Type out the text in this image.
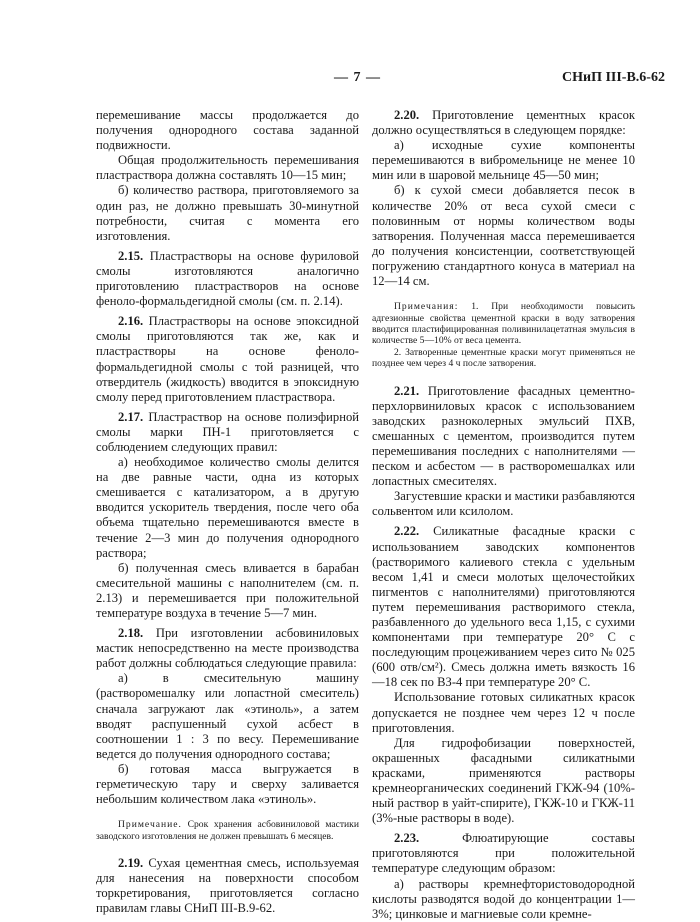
— 7 —	СНиП III-В.6-62

перемешивание массы продолжается до получения однородного состава заданной подвижности.

Общая продолжительность перемешивания пластраствора должна составлять 10—15 мин;

б) количество раствора, приготовляемого за один раз, не должно превышать 30-минутной потребности, считая с момента его изготовления.

2.15. Пластрастворы на основе фуриловой смолы изготовляются аналогично приготовлению пластрастворов на основе феноло-формальдегидной смолы (см. п. 2.14).

2.16. Пластрастворы на основе эпоксидной смолы приготовляются так же, как и пластрастворы на основе феноло-формальдегидной смолы с той разницей, что отвердитель (жидкость) вводится в эпоксидную смолу перед приготовлением пластрастворa.

2.17. Пластраствор на основе полиэфирной смолы марки ПН-1 приготовляется с соблюдением следующих правил:

а) необходимое количество смолы делится на две равные части, одна из которых смешивается с катализатором, а в другую вводится ускоритель твердения, после чего оба объема тщательно перемешиваются вместе в течение 2—3 мин до получения однородного раствора;

б) полученная смесь вливается в барабан смесительной машины с наполнителем (см. п. 2.13) и перемешивается при положительной температуре воздуха в течение 5—7 мин.

2.18. При изготовлении асбовиниловых мастик непосредственно на месте производства работ должны соблюдаться следующие правила:

а) в смесительную машину (растворомешалку или лопастной смеситель) сначала загружают лак «этиноль», а затем вводят распушенный сухой асбест в соотношении 1 : 3 по весу. Перемешивание ведется до получения однородного состава;

б) готовая масса выгружается в герметическую тару и сверху заливается небольшим количеством лака «этиноль».

Примечание. Срок хранения асбовиниловой мастики заводского изготовления не должен превышать 6 месяцев.

2.19. Сухая цементная смесь, используемая для нанесения на поверхности способом торкретирования, приготовляется согласно правилам главы СНиП III-В.9-62.

2.20. Приготовление цементных красок должно осуществляться в следующем порядке:

а) исходные сухие компоненты перемешиваются в вибромельнице не менее 10 мин или в шаровой мельнице 45—50 мин;

б) к сухой смеси добавляется песок в количестве 20% от веса сухой смеси с половинным от нормы количеством воды затворения. Полученная масса перемешивается до получения консистенции, соответствующей погружению стандартного конуса в материал на 12—14 см.

Примечания: 1. При необходимости повысить адгезионные свойства цементной краски в воду затворения вводится пластифицированная поливинилацетатная эмульсия в количестве 5—10% от веса цемента.

2. Затворенные цементные краски могут применяться не позднее чем через 4 ч после затворения.

2.21. Приготовление фасадных цементно-перхлорвиниловых красок с использованием заводских разноколерных эмульсий ПХВ, смешанных с цементом, производится путем перемешивания последних с наполнителями — песком и асбестом — в растворомешалках или лопастных смесителях.

Загустевшие краски и мастики разбавляются сольвентом или ксилолом.

2.22. Силикатные фасадные краски с использованием заводских компонентов (растворимого калиевого стекла с удельным весом 1,41 и смеси молотых щелочестойких пигментов с наполнителями) приготовляются путем перемешивания растворимого стекла, разбавленного до удельного веса 1,15, с сухими компонентами при температуре 20° С с последующим процеживанием через сито № 025 (600 отв/см²). Смесь должна иметь вязкость 16—18 сек по ВЗ-4 при температуре 20° С.

Использование готовых силикатных красок допускается не позднее чем через 12 ч после приготовления.

Для гидрофобизации поверхностей, окрашенных фасадными силикатными красками, применяются растворы кремнеорганических соединений ГКЖ-94 (10%-ный раствор в уайт-спирите), ГКЖ-10 и ГКЖ-11 (3%-ные растворы в воде).

2.23.	Флюатирующие составы приготовляются при положительной температуре следующим образом:

а) растворы кремнефтористоводородной кислоты разводятся водой до концентрации 1—3%; цинковые и магниевые соли кремне-
